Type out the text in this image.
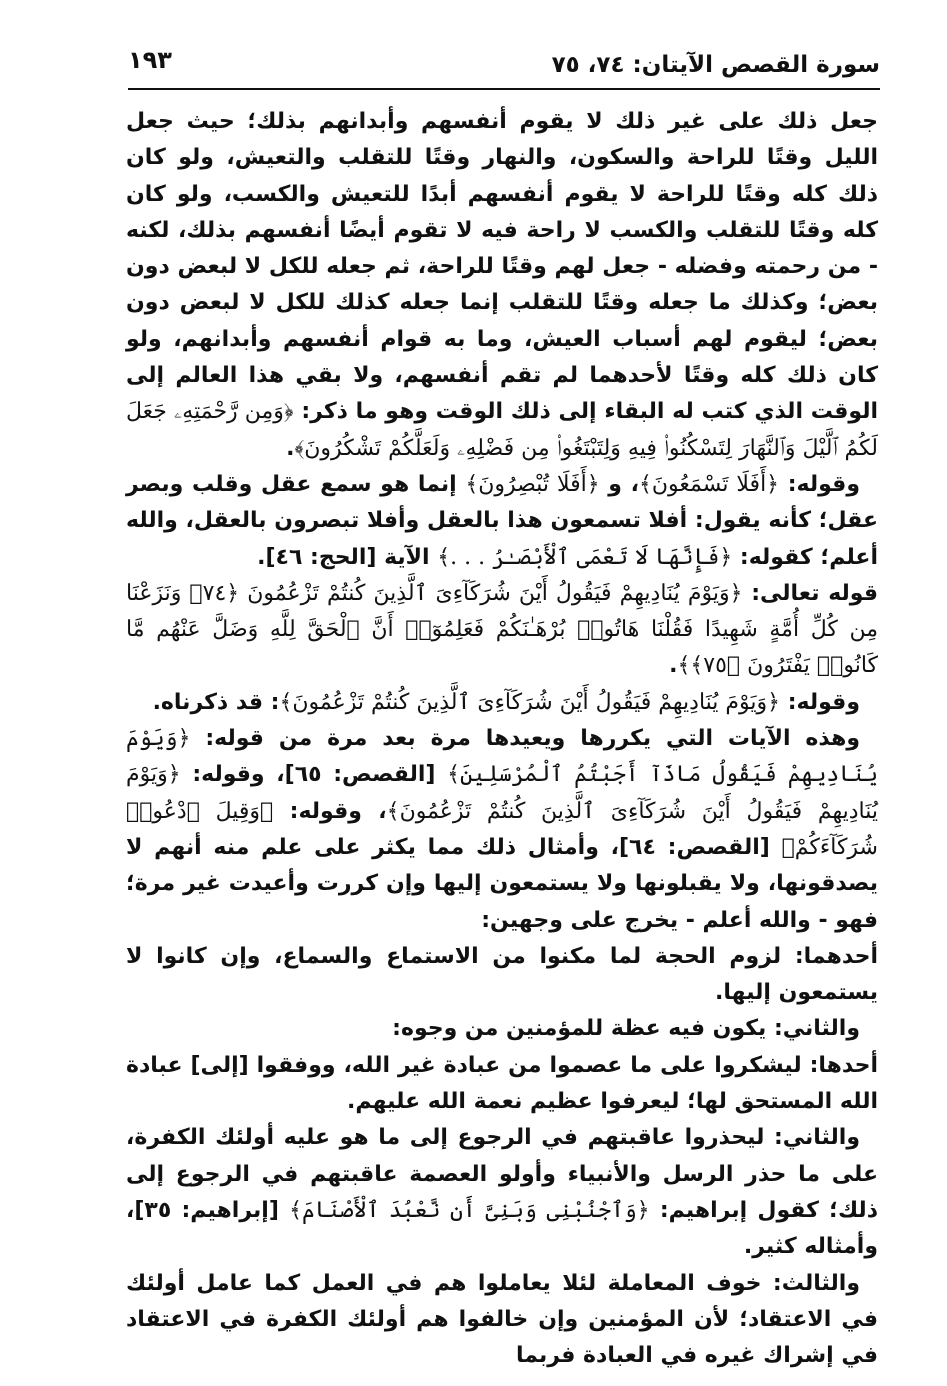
سورة القصص الآيتان: ٧٤، ٧٥
١٩٣

جعل ذلك على غير ذلك لا يقوم أنفسهم وأبدانهم بذلك؛ حيث جعل الليل وقتًا للراحة والسكون، والنهار وقتًا للتقلب والتعيش، ولو كان ذلك كله وقتًا للراحة لا يقوم أنفسهم أبدًا للتعيش والكسب، ولو كان كله وقتًا للتقلب والكسب لا راحة فيه لا تقوم أيضًا أنفسهم بذلك، لكنه - من رحمته وفضله - جعل لهم وقتًا للراحة، ثم جعله للكل لا لبعض دون بعض؛ وكذلك ما جعله وقتًا للتقلب إنما جعله كذلك للكل لا لبعض دون بعض؛ ليقوم لهم أسباب العيش، وما به قوام أنفسهم وأبدانهم، ولو كان ذلك كله وقتًا لأحدهما لم تقم أنفسهم، ولا بقي هذا العالم إلى الوقت الذي كتب له البقاء إلى ذلك الوقت وهو ما ذكر: ﴿وَمِن رَّحْمَتِهِۦ جَعَلَ لَكُمُ ٱلَّيْلَ وَٱلنَّهَارَ لِتَسْكُنُوا۟ فِيهِ وَلِتَبْتَغُوا۟ مِن فَضْلِهِۦ وَلَعَلَّكُمْ تَشْكُرُونَ﴾.

وقوله: ﴿أَفَلَا تَسْمَعُونَ﴾، و ﴿أَفَلَا تُبْصِرُونَ﴾ إنما هو سمع عقل وقلب وبصر عقل؛ كأنه يقول: أفلا تسمعون هذا بالعقل وأفلا تبصرون بالعقل، والله أعلم؛ كقوله: ﴿فَإِنَّهَا لَا تَعْمَى ٱلْأَبْصَـٰرُ . . .﴾ الآية [الحج: ٤٦].

قوله تعالى: ﴿وَيَوْمَ يُنَادِيهِمْ فَيَقُولُ أَيْنَ شُرَكَآءِىَ ٱلَّذِينَ كُنتُمْ تَزْعُمُونَ ﴿٧٤﴾ وَنَزَعْنَا مِن كُلِّ أُمَّةٍ شَهِيدًا فَقُلْنَا هَاتُوا۟ بُرْهَـٰنَكُمْ فَعَلِمُوٓا۟ أَنَّ ٱلْحَقَّ لِلَّهِ وَضَلَّ عَنْهُم مَّا كَانُوا۟ يَفْتَرُونَ ﴿٧٥﴾﴾.

وقوله: ﴿وَيَوْمَ يُنَادِيهِمْ فَيَقُولُ أَيْنَ شُرَكَآءِىَ ٱلَّذِينَ كُنتُمْ تَزْعُمُونَ﴾: قد ذكرناه.

وهذه الآيات التي يكررها ويعيدها مرة بعد مرة من قوله: ﴿وَيَوْمَ يُنَادِيهِمْ فَيَقُولُ مَاذَآ أَجَبْتُمُ ٱلْمُرْسَلِينَ﴾ [القصص: ٦٥]، وقوله: ﴿وَيَوْمَ يُنَادِيهِمْ فَيَقُولُ أَيْنَ شُرَكَآءِىَ ٱلَّذِينَ كُنتُمْ تَزْعُمُونَ﴾، وقوله: ﴿وَقِيلَ ٱدْعُوا۟ شُرَكَآءَكُمْ﴾ [القصص: ٦٤]، وأمثال ذلك مما يكثر على علم منه أنهم لا يصدقونها، ولا يقبلونها ولا يستمعون إليها وإن كررت وأعيدت غير مرة؛ فهو - والله أعلم - يخرج على وجهين:

أحدهما: لزوم الحجة لما مكنوا من الاستماع والسماع، وإن كانوا لا يستمعون إليها.

والثاني: يكون فيه عظة للمؤمنين من وجوه:

أحدها: ليشكروا على ما عصموا من عبادة غير الله، ووفقوا [إلى] عبادة الله المستحق لها؛ ليعرفوا عظيم نعمة الله عليهم.

والثاني: ليحذروا عاقبتهم في الرجوع إلى ما هو عليه أولئك الكفرة، على ما حذر الرسل والأنبياء وأولو العصمة عاقبتهم في الرجوع إلى ذلك؛ كقول إبراهيم: ﴿وَٱجْنُبْنِى وَبَنِىَّ أَن نَّعْبُدَ ٱلْأَصْنَامَ﴾ [إبراهيم: ٣٥]، وأمثاله كثير.

والثالث: خوف المعاملة لئلا يعاملوا هم في العمل كما عامل أولئك في الاعتقاد؛ لأن المؤمنين وإن خالفوا هم أولئك الكفرة في الاعتقاد في إشراك غيره في العبادة فربما
